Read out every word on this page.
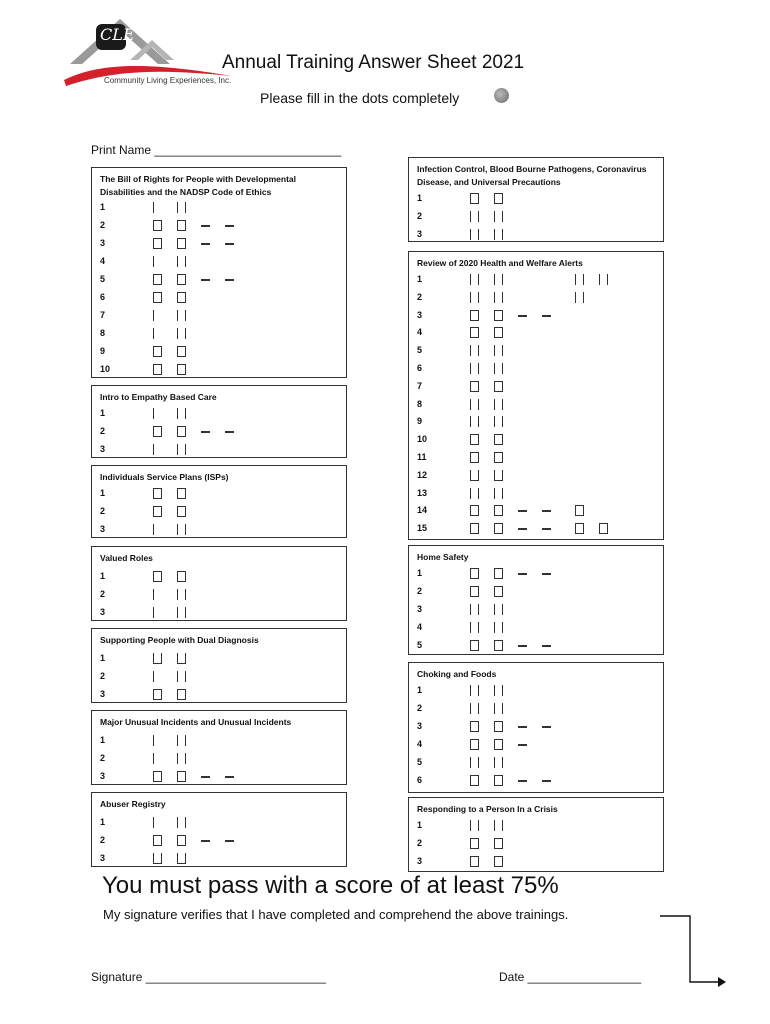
CLE
Community Living Experiences, Inc.
Annual Training Answer Sheet 2021
Please fill in the dots completely
Print Name ____________________________
The Bill of Rights for People with Developmental Disabilities and the NADSP Code of Ethics
1
2
3
4
5
6
7
8
9
10
Intro to Empathy Based Care
1
2
3
Individuals Service Plans (ISPs)
1
2
3
Valued Roles
1
2
3
Supporting People with Dual Diagnosis
1
2
3
Major Unusual Incidents and Unusual Incidents
1
2
3
Abuser Registry
1
2
3
Infection Control, Blood Bourne Pathogens, Coronavirus Disease, and Universal Precautions
1
2
3
Review of 2020 Health and Welfare Alerts
1
2
3
4
5
6
7
8
9
10
11
12
13
14
15
Home Safety
1
2
3
4
5
Choking and Foods
1
2
3
4
5
6
Responding to a Person In a Crisis
1
2
3
You must pass with a score of at least 75%
My signature verifies that I have completed and comprehend the above trainings.
Signature ___________________________	Date _________________
